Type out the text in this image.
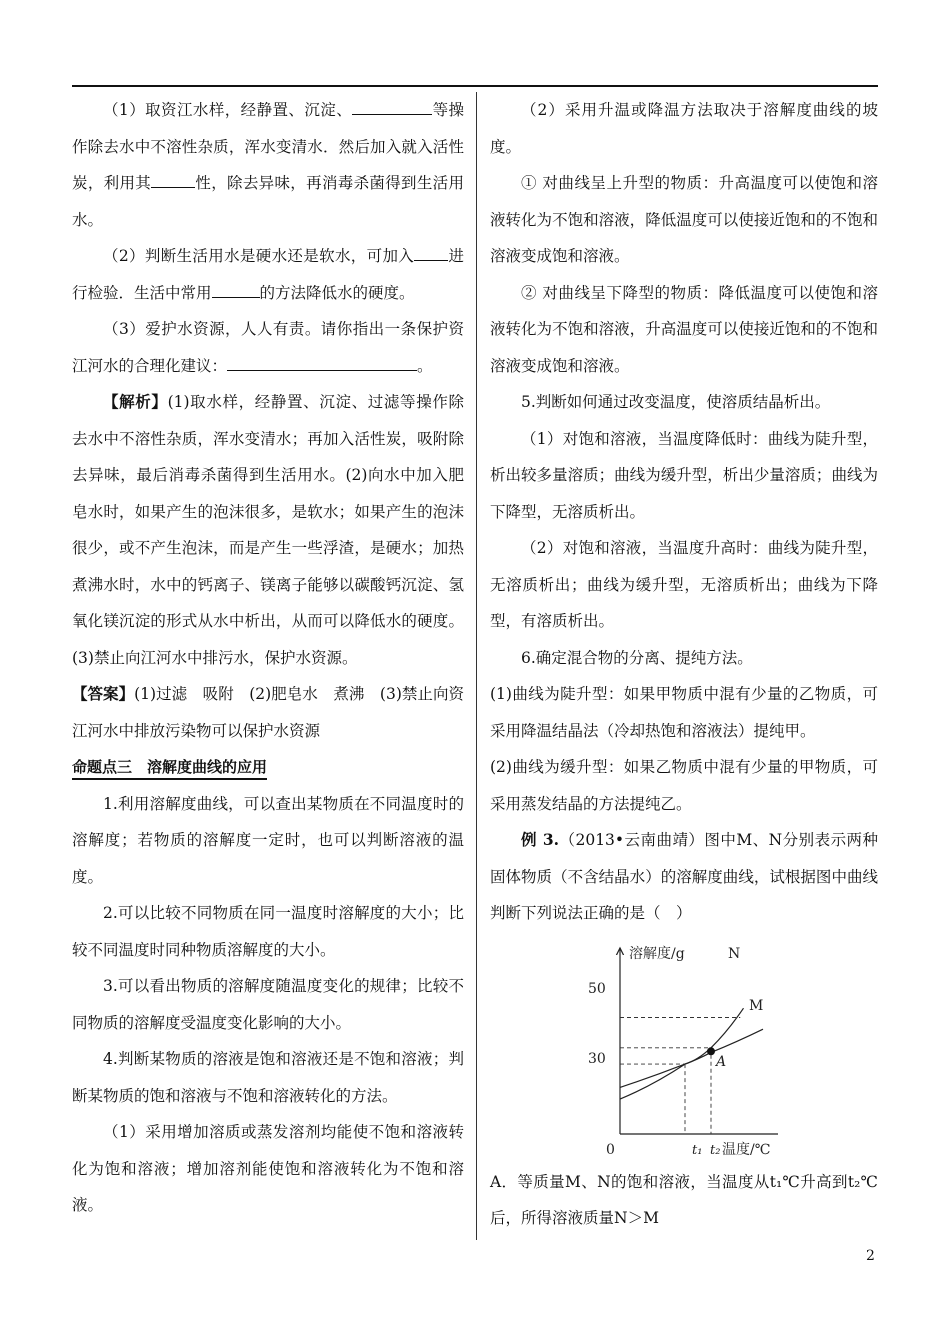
（1）取资江水样，经静置、沉淀、	等操作除去水中不溶性杂质，浑水变清水．然后加入就入活性炭，利用其	性，除去异味，再消毒杀菌得到生活用水。

（2）判断生活用水是硬水还是软水，可加入 进行检验．生活中常用	的方法降低水的硬度。

（3）爱护水资源，人人有责。请你指出一条保护资江河水的合理化建议：	。

【解析】(1)取水样，经静置、沉淀、过滤等操作除去水中不溶性杂质，浑水变清水；再加入活性炭，吸附除去异味，最后消毒杀菌得到生活用水。(2)向水中加入肥皂水时，如果产生的泡沫很多，是软水；如果产生的泡沫很少，或不产生泡沫，而是产生一些浮渣，是硬水；加热煮沸水时，水中的钙离子、镁离子能够以碳酸钙沉淀、氢氧化镁沉淀的形式从水中析出，从而可以降低水的硬度。(3)禁止向江河水中排污水，保护水资源。

【答案】(1)过滤　吸附　(2)肥皂水　煮沸　(3)禁止向资江河水中排放污染物可以保护水资源

命题点三　溶解度曲线的应用

1.利用溶解度曲线，可以查出某物质在不同温度时的溶解度；若物质的溶解度一定时，也可以判断溶液的温度。

2.可以比较不同物质在同一温度时溶解度的大小；比较不同温度时同种物质溶解度的大小。

3.可以看出物质的溶解度随温度变化的规律；比较不同物质的溶解度受温度变化影响的大小。

4.判断某物质的溶液是饱和溶液还是不饱和溶液；判断某物质的饱和溶液与不饱和溶液转化的方法。

（1）采用增加溶质或蒸发溶剂均能使不饱和溶液转化为饱和溶液；增加溶剂能使饱和溶液转化为不饱和溶液。

（2）采用升温或降温方法取决于溶解度曲线的坡度。

① 对曲线呈上升型的物质：升高温度可以使饱和溶液转化为不饱和溶液，降低温度可以使接近饱和的不饱和溶液变成饱和溶液。

② 对曲线呈下降型的物质：降低温度可以使饱和溶液转化为不饱和溶液，升高温度可以使接近饱和的不饱和溶液变成饱和溶液。

5.判断如何通过改变温度，使溶质结晶析出。

（1）对饱和溶液，当温度降低时：曲线为陡升型，析出较多量溶质；曲线为缓升型，析出少量溶质；曲线为下降型，无溶质析出。

（2）对饱和溶液，当温度升高时：曲线为陡升型，无溶质析出；曲线为缓升型，无溶质析出；曲线为下降型，有溶质析出。

6.确定混合物的分离、提纯方法。

(1)曲线为陡升型：如果甲物质中混有少量的乙物质，可采用降温结晶法（冷却热饱和溶液法）提纯甲。

(2)曲线为缓升型：如果乙物质中混有少量的甲物质，可采用蒸发结晶的方法提纯乙。

例 3.（2013•云南曲靖）图中M、N分别表示两种固体物质（不含结晶水）的溶解度曲线，试根据图中曲线判断下列说法正确的是（　）

溶解度/g
温度/℃
0
50
30
t₁ t₂
N
M
A

A．等质量M、N的饱和溶液，当温度从t₁℃升高到t₂℃后，所得溶液质量N＞M

2
